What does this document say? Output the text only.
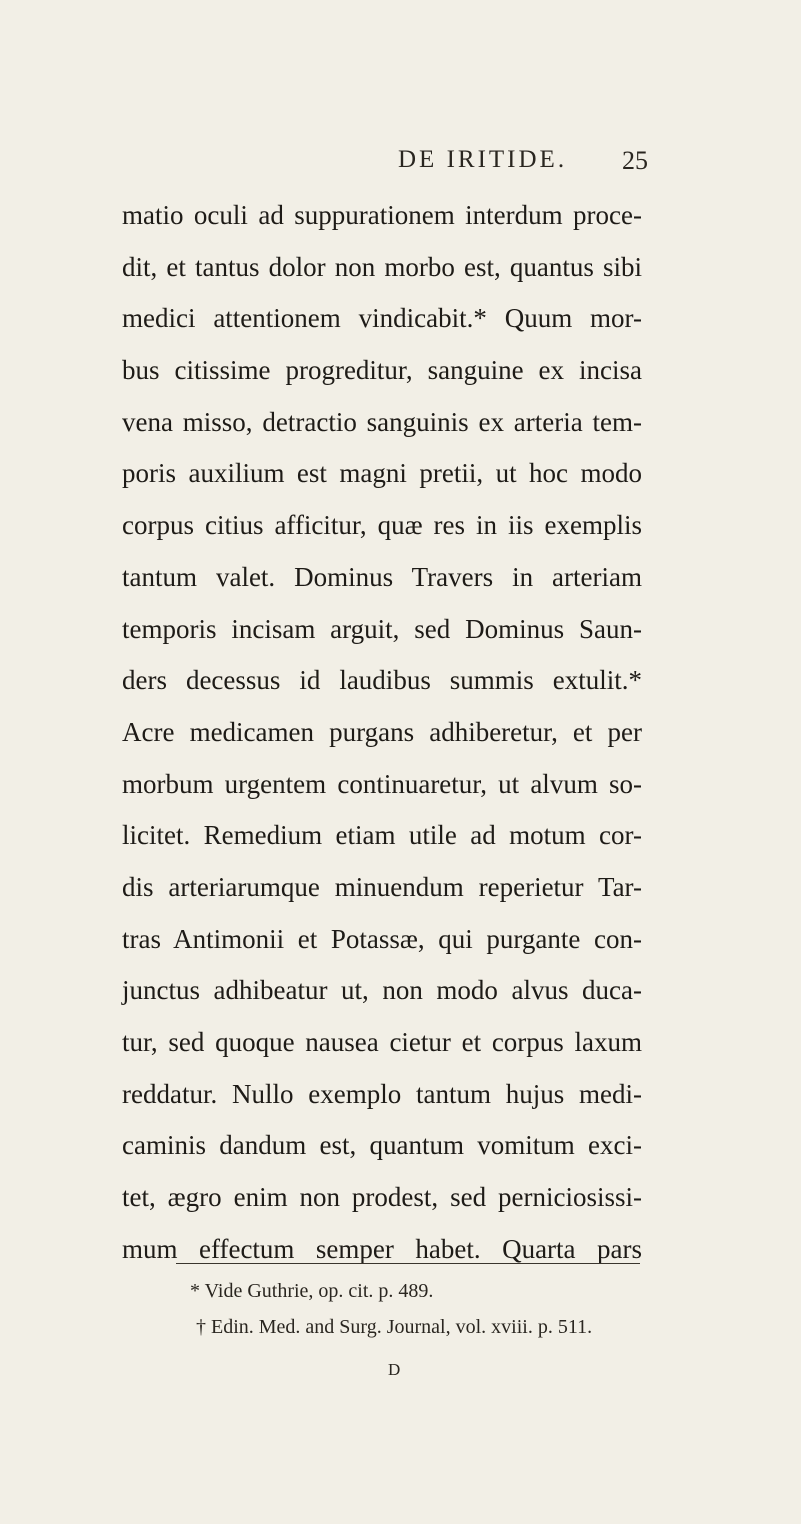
DE IRITIDE. 25
matio oculi ad suppurationem interdum proce-
dit, et tantus dolor non morbo est, quantus sibi
medici attentionem vindicabit.* Quum mor-
bus citissime progreditur, sanguine ex incisa
vena misso, detractio sanguinis ex arteria tem-
poris auxilium est magni pretii, ut hoc modo
corpus citius afficitur, quæ res in iis exemplis
tantum valet. Dominus Travers in arteriam
temporis incisam arguit, sed Dominus Saun-
ders decessus id laudibus summis extulit.*
Acre medicamen purgans adhiberetur, et per
morbum urgentem continuaretur, ut alvum so-
licitet. Remedium etiam utile ad motum cor-
dis arteriarumque minuendum reperietur Tar-
tras Antimonii et Potassæ, qui purgante con-
junctus adhibeatur ut, non modo alvus duca-
tur, sed quoque nausea cietur et corpus laxum
reddatur. Nullo exemplo tantum hujus medi-
caminis dandum est, quantum vomitum exci-
tet, ægro enim non prodest, sed perniciosissi-
mum effectum semper habet. Quarta pars
* Vide Guthrie, op. cit. p. 489.
† Edin. Med. and Surg. Journal, vol. xviii. p. 511.
D
